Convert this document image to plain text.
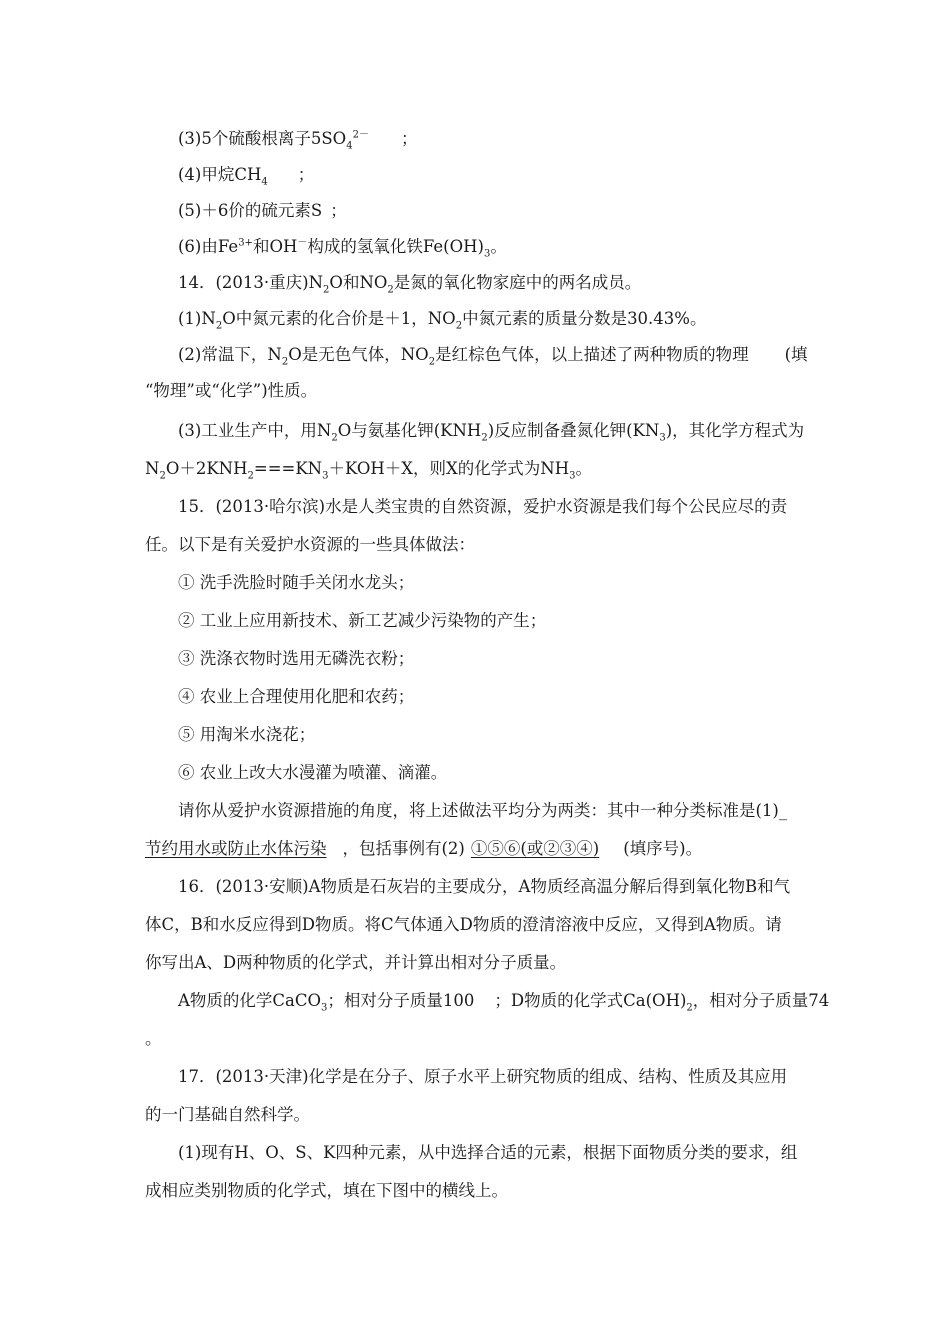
(3)5个硫酸根离子$5SO_4^{2-}$ ；
(4)甲烷$CH_4$ ；
(5)＋6价的硫元素S ；
(6)由$Fe^{3+}$和OH－构成的氢氧化铁$Fe(OH)_3$。
14．(2013·重庆)$N_2O$和$NO_2$是氮的氧化物家庭中的两名成员。
$(1)N_2O$中氮元素的化合价是＋1，$NO_2$中氮元素的质量分数是30.43%。
(2)常温下，$N_2O$是无色气体，$NO_2$是红棕色气体，以上描述了两种物质的物理 (填
“物理”或“化学”)性质。
(3)工业生产中，用$N_2O$与氨基化钾$(KNH_2)$反应制备叠氮化钾$(KN_3)$，其化学方程式为
$N_2O+2KNH_2===KN_3+KOH+X$，则X的化学式为$NH_3$。
15．(2013·哈尔滨)水是人类宝贵的自然资源，爱护水资源是我们每个公民应尽的责
任。以下是有关爱护水资源的一些具体做法：
① 洗手洗脸时随手关闭水龙头；
② 工业上应用新技术、新工艺减少污染物的产生；
③ 洗涤衣物时选用无磷洗衣粉；
④ 农业上合理使用化肥和农药；
⑤ 用淘米水浇花；
⑥ 农业上改大水漫灌为喷灌、滴灌。
请你从爱护水资源措施的角度，将上述做法平均分为两类：其中一种分类标准是(1)_
节约用水或防止水体污染 ，包括事例有(2) ①⑤⑥(或②③④) (填序号)。
16．(2013·安顺)A物质是石灰岩的主要成分，A物质经高温分解后得到氧化物B和气
体C，B和水反应得到D物质。将C气体通入D物质的澄清溶液中反应，又得到A物质。请
你写出A、D两种物质的化学式，并计算出相对分子质量。
A物质的化学CaCO$_3$；相对分子质量100 ；D物质的化学式$Ca(OH)_2$，相对分子质量74
。
17．(2013·天津)化学是在分子、原子水平上研究物质的组成、结构、性质及其应用
的一门基础自然科学。
(1)现有H、O、S、K四种元素，从中选择合适的元素，根据下面物质分类的要求，组
成相应类别物质的化学式，填在下图中的横线上。
